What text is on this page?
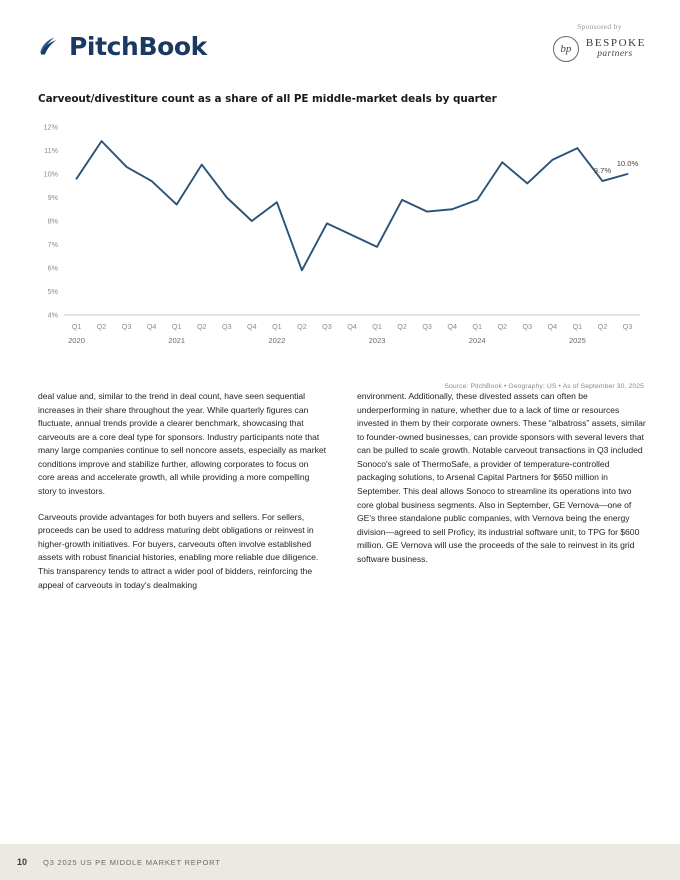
PitchBook
Sponsored by
bp	BESPOKE
partners
Carveout/divestiture count as a share of all PE middle-market deals by quarter
12%
11%
10%
9%
8%
7%
6%
5%
4%
9.7%
10.0%
Q1 Q2 Q3 Q4 Q1 Q2 Q3 Q4 Q1 Q2 Q3 Q4 Q1 Q2 Q3 Q4 Q1 Q2 Q3 Q4 Q1 Q2 Q3
2020	2021	2022	2023	2024	2025
Source: PitchBook • Geography: US • As of September 30, 2025

deal value and, similar to the trend in deal count, have seen sequential increases in their share throughout the year. While quarterly figures can fluctuate, annual trends provide a clearer benchmark, showcasing that carveouts are a core deal type for sponsors. Industry participants note that many large companies continue to sell noncore assets, especially as market conditions improve and stabilize further, allowing corporates to focus on core areas and accelerate growth, all while providing a more compelling story to investors.

Carveouts provide advantages for both buyers and sellers. For sellers, proceeds can be used to address maturing debt obligations or reinvest in higher-growth initiatives. For buyers, carveouts often involve established assets with robust financial histories, enabling more reliable due diligence. This transparency tends to attract a wider pool of bidders, reinforcing the appeal of carveouts in today's dealmaking

environment. Additionally, these divested assets can often be underperforming in nature, whether due to a lack of time or resources invested in them by their corporate owners. These “albatross” assets, similar to founder-owned businesses, can provide sponsors with several levers that can be pulled to scale growth. Notable carveout transactions in Q3 included Sonoco's sale of ThermoSafe, a provider of temperature-controlled packaging solutions, to Arsenal Capital Partners for $650 million in September. This deal allows Sonoco to streamline its operations into two core global business segments. Also in September, GE Vernova—one of GE's three standalone public companies, with Vernova being the energy division—agreed to sell Proficy, its industrial software unit, to TPG for $600 million. GE Vernova will use the proceeds of the sale to reinvest in its grid software business.

10 Q3 2025 US PE MIDDLE MARKET REPORT
